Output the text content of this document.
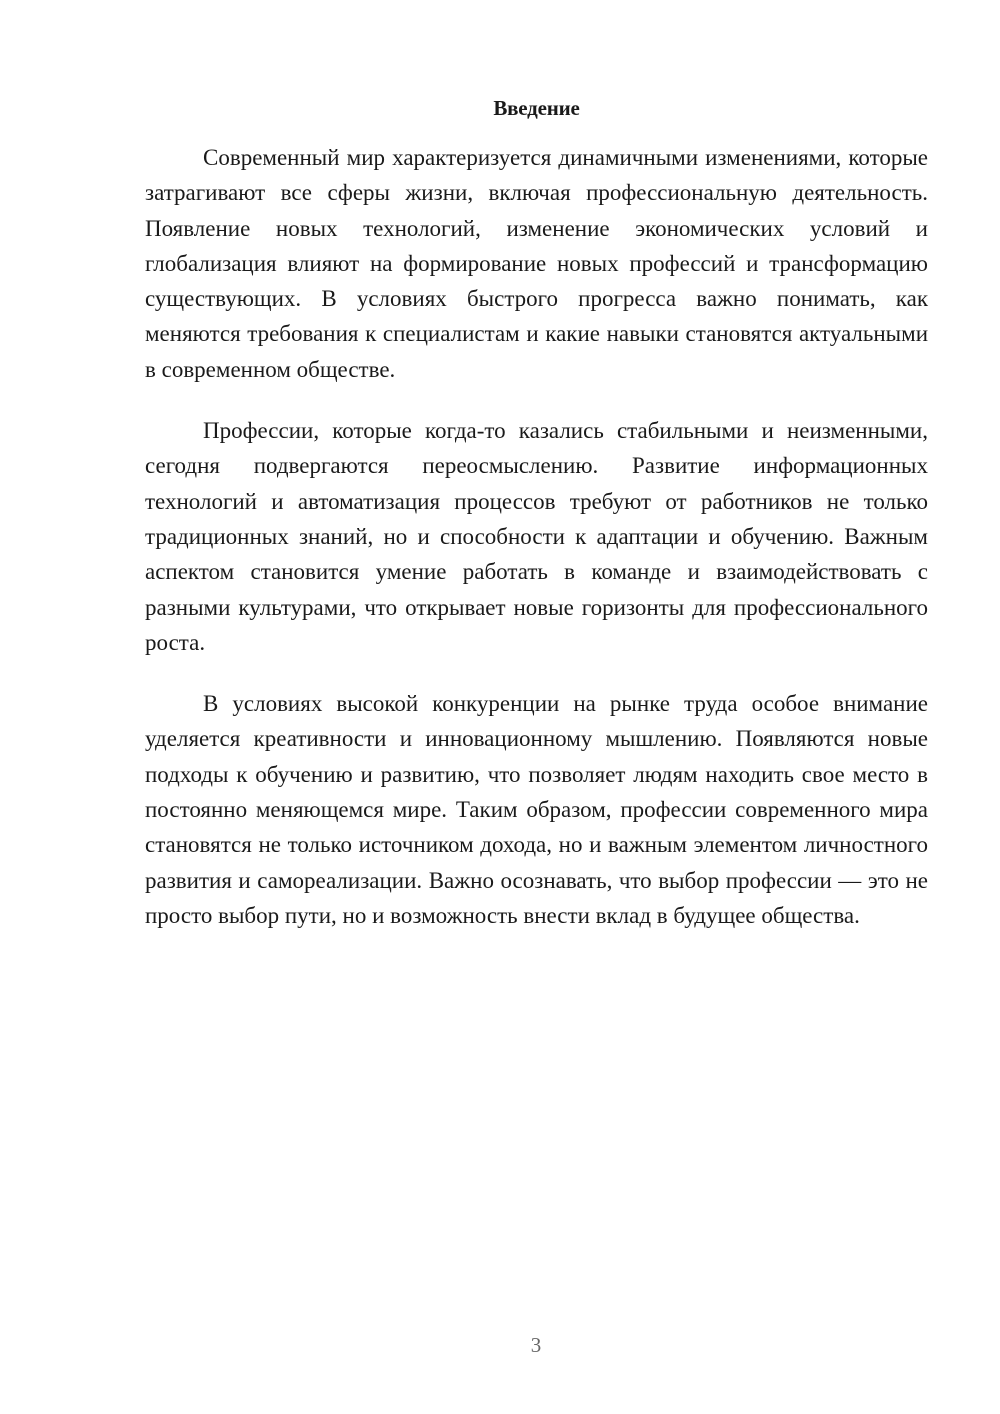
Введение

Современный мир характеризуется динамичными изменениями, которые затрагивают все сферы жизни, включая профессиональную деятельность. Появление новых технологий, изменение экономических условий и глобализация влияют на формирование новых профессий и трансформацию существующих. В условиях быстрого прогресса важно понимать, как меняются требования к специалистам и какие навыки становятся актуальными в современном обществе.

Профессии, которые когда-то казались стабильными и неизменными, сегодня подвергаются переосмыслению. Развитие информационных технологий и автоматизация процессов требуют от работников не только традиционных знаний, но и способности к адаптации и обучению. Важным аспектом становится умение работать в команде и взаимодействовать с разными культурами, что открывает новые горизонты для профессионального роста.

В условиях высокой конкуренции на рынке труда особое внимание уделяется креативности и инновационному мышлению. Появляются новые подходы к обучению и развитию, что позволяет людям находить свое место в постоянно меняющемся мире. Таким образом, профессии современного мира становятся не только источником дохода, но и важным элементом личностного развития и самореализации. Важно осознавать, что выбор профессии — это не просто выбор пути, но и возможность внести вклад в будущее общества.

3
